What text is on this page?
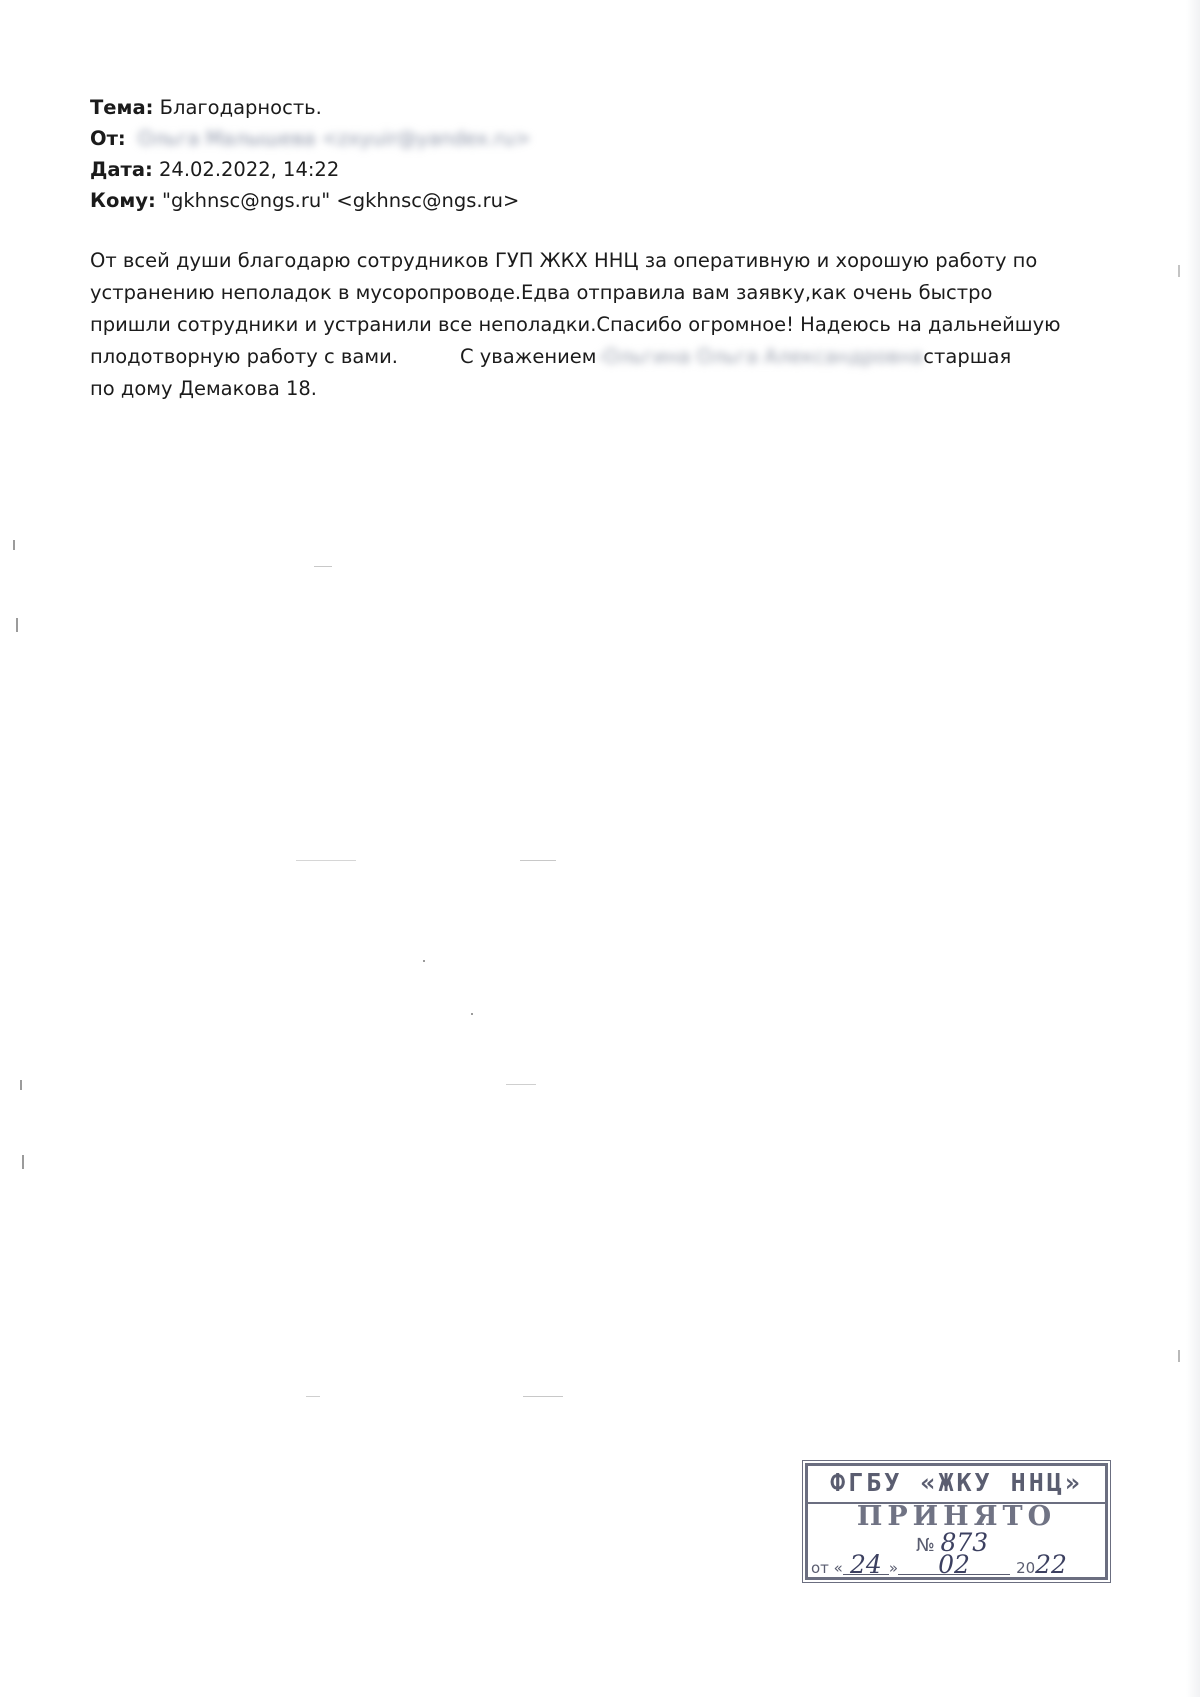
Тема: Благодарность.
От: Ольга Малышева <zxyuir@yandex.ru>
Дата: 24.02.2022, 14:22
Кому: "gkhnsc@ngs.ru" <gkhnsc@ngs.ru>
От всей души благодарю сотрудников ГУП ЖКХ ННЦ за оперативную и хорошую работу по
устранению неполадок в мусоропроводе.Едва отправила вам заявку,как очень быстро
пришли сотрудники и устранили все неполадки.Спасибо огромное! Надеюсь на дальнейшую
плодотворную работу с вами.	С уважением-Ольгина Ольга Александровнастаршая
по дому Демакова 18.
ФГБУ «ЖКУ ННЦ»
ПРИНЯТО
№ 873
от « 24 » 02	2022
